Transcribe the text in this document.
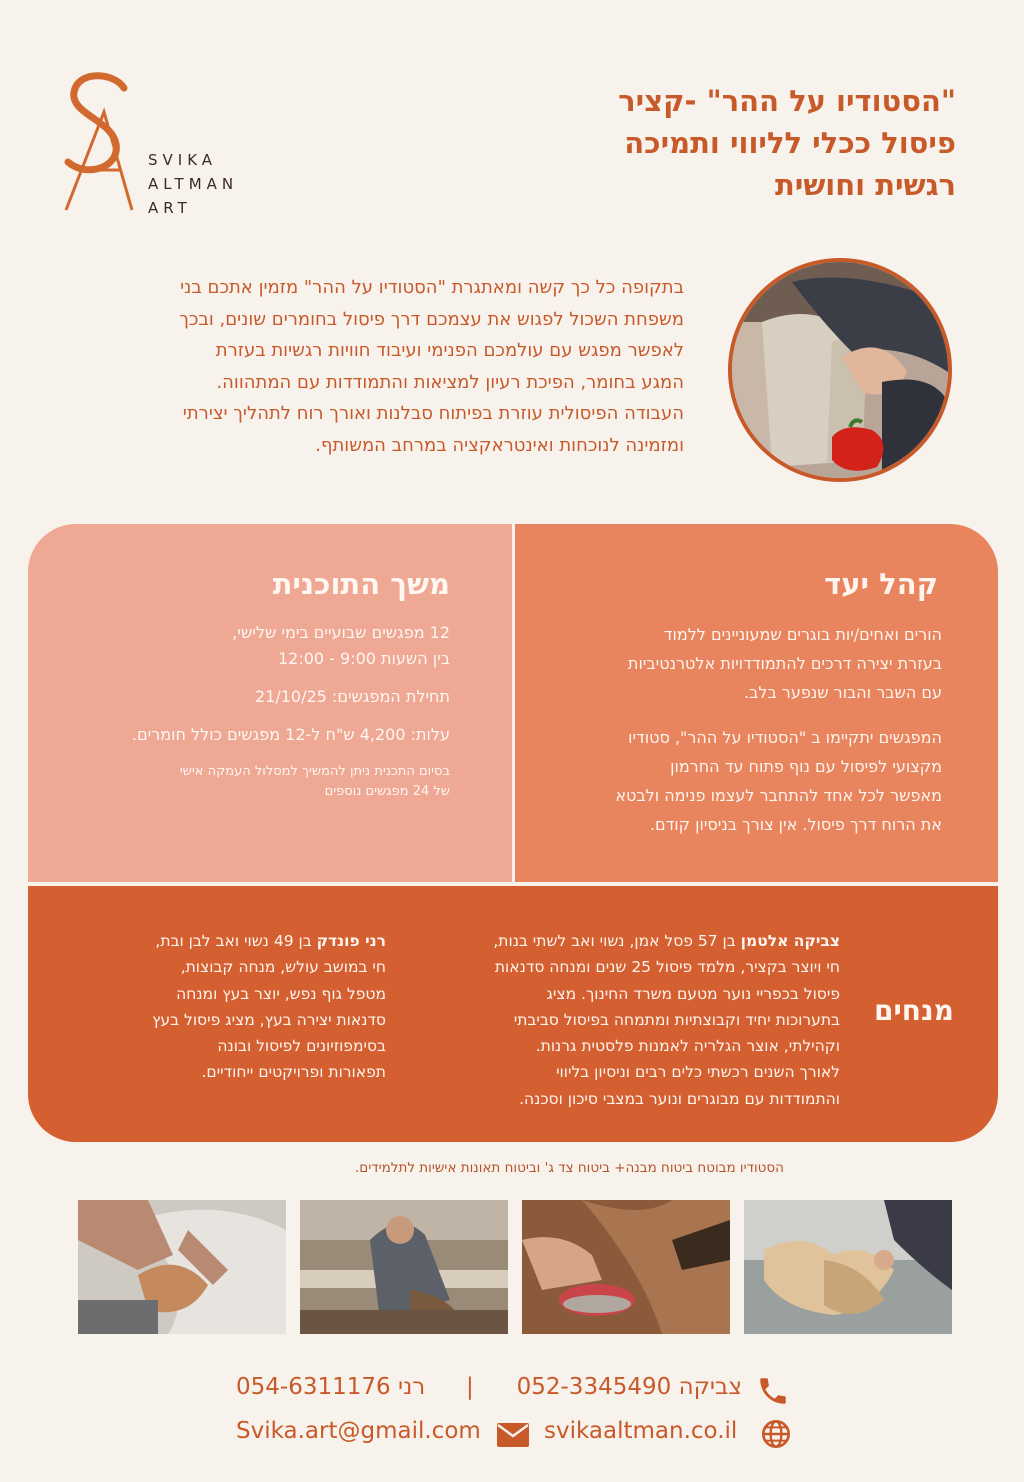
SVIKA
ALTMAN
ART
"הסטודיו על ההר" -קציר
פיסול ככלי לליווי ותמיכה
רגשית וחושית
בתקופה כל כך קשה ומאתגרת "הסטודיו על ההר" מזמין אתכם בני
משפחת השכול לפגוש את עצמכם דרך פיסול בחומרים שונים, ובכך
לאפשר מפגש עם עולמכם הפנימי ועיבוד חוויות רגשיות בעזרת
המגע בחומר, הפיכת רעיון למציאות והתמודדות עם המתהווה.
העבודה הפיסולית עוזרת בפיתוח סבלנות ואורך רוח לתהליך יצירתי
ומזמינה לנוכחות ואינטראקציה במרחב המשותף.
קהל יעד
הורים ואחים/יות בוגרים שמעוניינים ללמוד
בעזרת יצירה דרכים להתמודדויות אלטרנטיביות
עם השבר והבור שנפער בלב.
המפגשים יתקיימו ב "הסטודיו על ההר", סטודיו
מקצועי לפיסול עם נוף פתוח עד החרמון
מאפשר לכל אחד להתחבר לעצמו פנימה ולבטא
את הרוח דרך פיסול. אין צורך בניסיון קודם.
משך התוכנית
12 מפגשים שבועיים בימי שלישי,
בין השעות 9:00 - 12:00
תחילת המפגשים: 21/10/25
עלות: 4,200 ש"ח ל-12 מפגשים כולל חומרים.
בסיום התכנית ניתן להמשיך למסלול העמקה אישי
של 24 מפגשים נוספים
מנחים
צביקה אלטמן בן 57 פסל אמן, נשוי ואב לשתי בנות,
חי ויוצר בקציר, מלמד פיסול 25 שנים ומנחה סדנאות
פיסול בכפריי נוער מטעם משרד החינוך. מציג
בתערוכות יחיד וקבוצתיות ומתמחה בפיסול סביבתי
וקהילתי, אוצר הגלריה לאמנות פלסטית גרנות.
לאורך השנים רכשתי כלים רבים וניסיון בליווי
והתמודדות עם מבוגרים ונוער במצבי סיכון וסכנה.
רני פונדק בן 49 נשוי ואב לבן ובת,
חי במושב עולש, מנחה קבוצות,
מטפל גוף נפש, יוצר בעץ ומנחה
סדנאות יצירה בעץ, מציג פיסול בעץ
בסימפוזיונים לפיסול ובונה
תפאורות ופרויקטים ייחודיים.
הסטודיו מבוטח ביטוח מבנה+ ביטוח צד ג' וביטוח תאונות אישיות לתלמידים.
צביקה 052-3345490
|
רני 054-6311176
svikaaltman.co.il
Svika.art@gmail.com
